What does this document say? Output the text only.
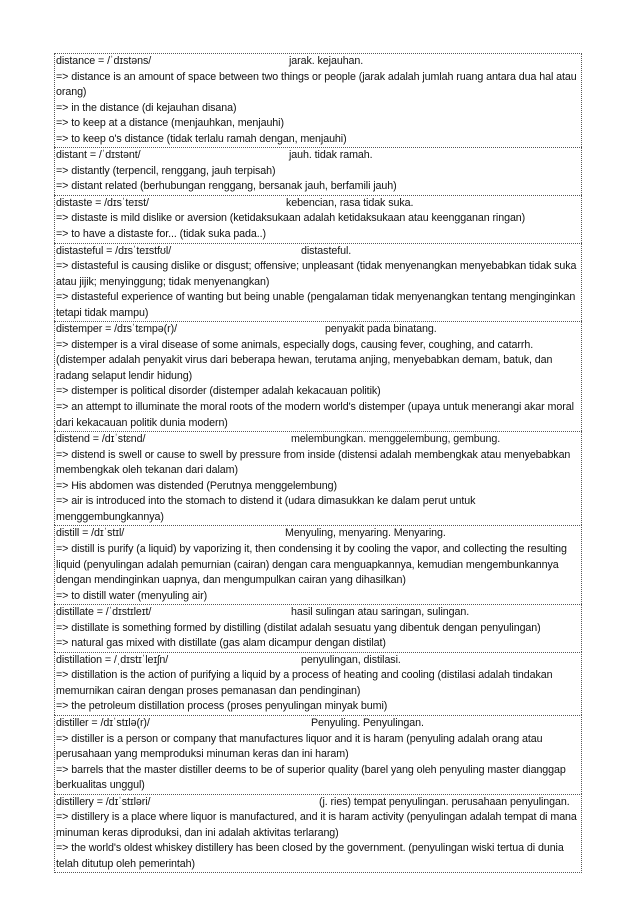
distance = /ˈdɪstəns/	jarak. kejauhan.
=> distance is an amount of space between two things or people (jarak adalah jumlah ruang antara dua hal atau orang)
=> in the distance (di kejauhan disana)
=> to keep at a distance (menjauhkan, menjauhi)
=> to keep o's distance (tidak terlalu ramah dengan, menjauhi)
distant = /ˈdɪstənt/	jauh. tidak ramah.
=> distantly (terpencil, renggang, jauh terpisah)
=> distant related (berhubungan renggang, bersanak jauh, berfamili jauh)
distaste = /dɪsˈteɪst/	kebencian, rasa tidak suka.
=> distaste is mild dislike or aversion (ketidaksukaan adalah ketidaksukaan atau keengganan ringan)
=> to have a distaste for... (tidak suka pada..)
distasteful = /dɪsˈteɪstfʊl/	distasteful.
=> distasteful is causing dislike or disgust; offensive; unpleasant (tidak menyenangkan menyebabkan tidak suka atau jijik; menyinggung; tidak menyenangkan)
=> distasteful experience of wanting but being unable (pengalaman tidak menyenangkan tentang menginginkan tetapi tidak mampu)
distemper = /dɪsˈtɛmpə(r)/	penyakit pada binatang.
=> distemper is a viral disease of some animals, especially dogs, causing fever, coughing, and catarrh. (distemper adalah penyakit virus dari beberapa hewan, terutama anjing, menyebabkan demam, batuk, dan radang selaput lendir hidung)
=> distemper is political disorder (distemper adalah kekacauan politik)
=> an attempt to illuminate the moral roots of the modern world's distemper (upaya untuk menerangi akar moral dari kekacauan politik dunia modern)
distend = /dɪˈstɛnd/	melembungkan. menggelembung, gembung.
=> distend is swell or cause to swell by pressure from inside (distensi adalah membengkak atau menyebabkan membengkak oleh tekanan dari dalam)
=> His abdomen was distended (Perutnya menggelembung)
=> air is introduced into the stomach to distend it (udara dimasukkan ke dalam perut untuk menggembungkannya)
distill = /dɪˈstɪl/	Menyuling, menyaring. Menyaring.
=> distill is purify (a liquid) by vaporizing it, then condensing it by cooling the vapor, and collecting the resulting liquid (penyulingan adalah pemurnian (cairan) dengan cara menguapkannya, kemudian mengembunkannya dengan mendinginkan uapnya, dan mengumpulkan cairan yang dihasilkan)
=> to distill water (menyuling air)
distillate = /ˈdɪstɪleɪt/	hasil sulingan atau saringan, sulingan.
=> distillate is something formed by distilling (distilat adalah sesuatu yang dibentuk dengan penyulingan)
=> natural gas mixed with distillate (gas alam dicampur dengan distilat)
distillation = /ˌdɪstɪˈleɪʃn/	penyulingan, distilasi.
=> distillation is the action of purifying a liquid by a process of heating and cooling (distilasi adalah tindakan memurnikan cairan dengan proses pemanasan dan pendinginan)
=> the petroleum distillation process (proses penyulingan minyak bumi)
distiller = /dɪˈstɪlə(r)/	Penyuling. Penyulingan.
=> distiller is a person or company that manufactures liquor and it is haram (penyuling adalah orang atau perusahaan yang memproduksi minuman keras dan ini haram)
=> barrels that the master distiller deems to be of superior quality (barel yang oleh penyuling master dianggap berkualitas unggul)
distillery = /dɪˈstɪləri/	(j. ries) tempat penyulingan. perusahaan penyulingan.
=> distillery is a place where liquor is manufactured, and it is haram activity (penyulingan adalah tempat di mana minuman keras diproduksi, dan ini adalah aktivitas terlarang)
=> the world's oldest whiskey distillery has been closed by the government. (penyulingan wiski tertua di dunia telah ditutup oleh pemerintah)
